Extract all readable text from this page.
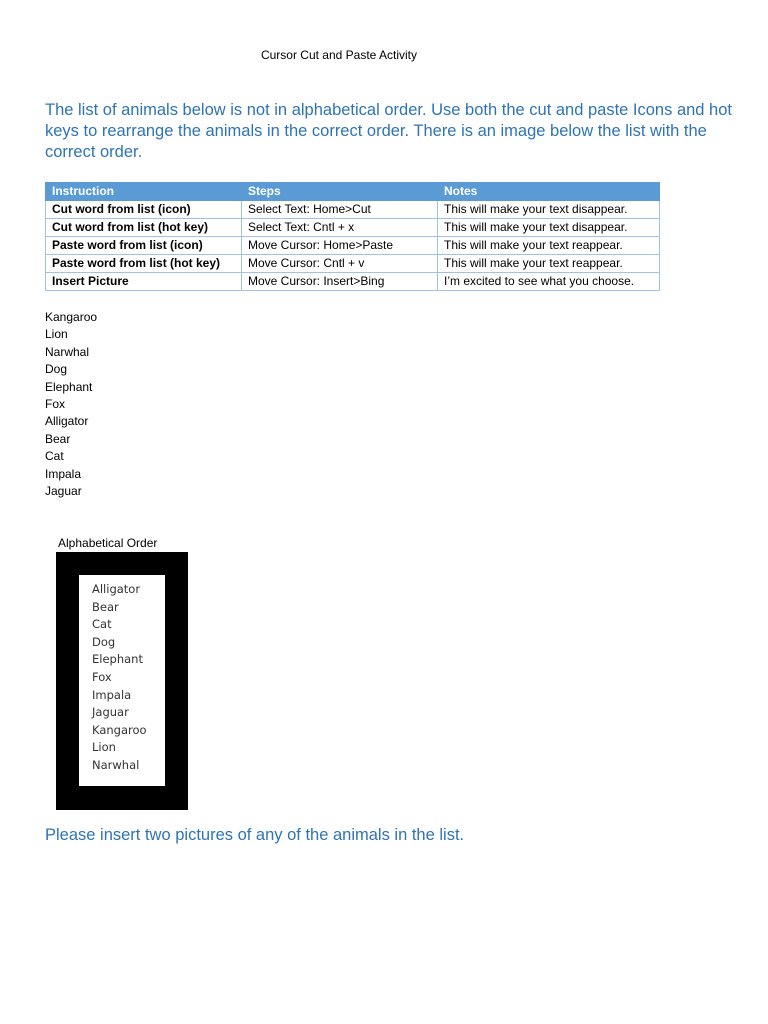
Cursor Cut and Paste Activity
The list of animals below is not in alphabetical order. Use both the cut and paste Icons and hot keys to rearrange the animals in the correct order. There is an image below the list with the correct order.
Instruction	Steps	Notes
Cut word from list (icon)	Select Text: Home>Cut	This will make your text disappear.
Cut word from list (hot key)	Select Text: Cntl + x	This will make your text disappear.
Paste word from list (icon)	Move Cursor: Home>Paste	This will make your text reappear.
Paste word from list (hot key)	Move Cursor: Cntl + v	This will make your text reappear.
Insert Picture	Move Cursor: Insert>Bing	I’m excited to see what you choose.
Kangaroo
Lion
Narwhal
Dog
Elephant
Fox
Alligator
Bear
Cat
Impala
Jaguar
Alphabetical Order
Alligator
Bear
Cat
Dog
Elephant
Fox
Impala
Jaguar
Kangaroo
Lion
Narwhal
Please insert two pictures of any of the animals in the list.
